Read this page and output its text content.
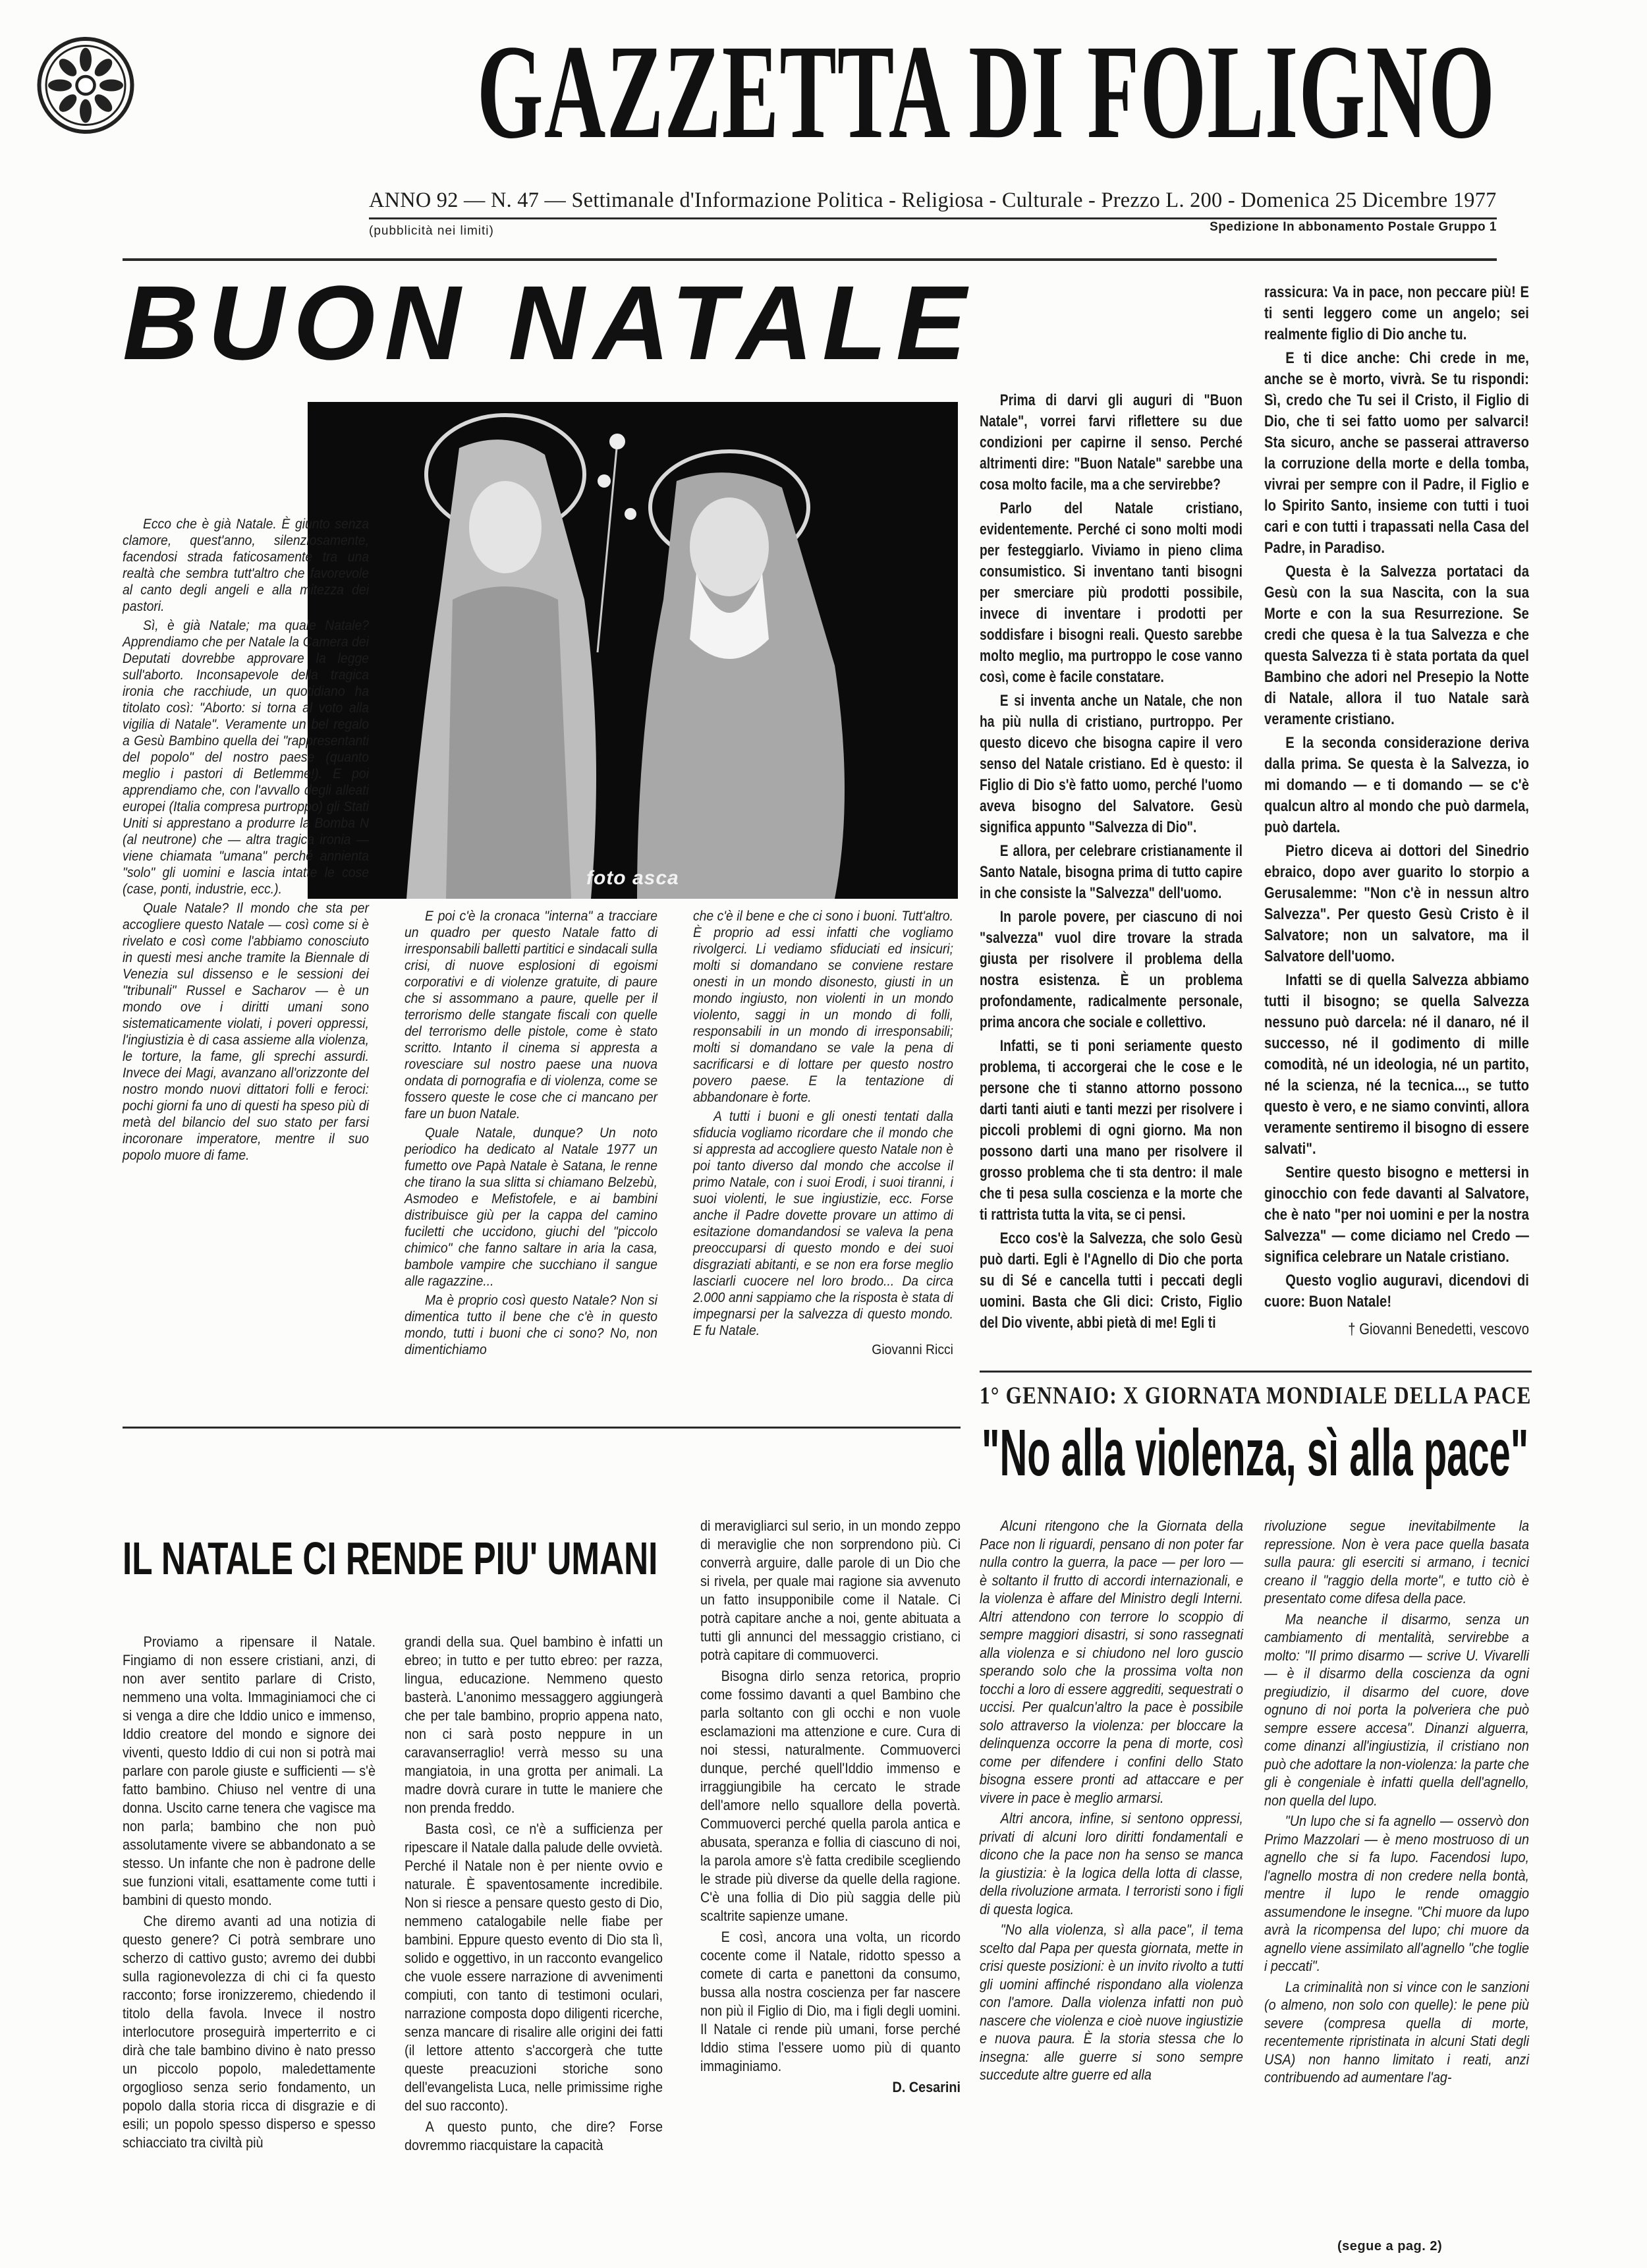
GAZZETTA DI FOLIGNO
ANNO 92 — N. 47 — Settimanale d'Informazione Politica - Religiosa - Culturale - Prezzo L. 200 - Domenica 25 Dicembre 1977
(pubblicità nei limiti)	Spedizione In abbonamento Postale Gruppo 1
BUON NATALE
foto asca

Ecco che è già Natale. È giunto senza clamore, quest'anno, silenziosamente, facendosi strada faticosamente tra una realtà che sembra tutt'altro che favorevole al canto degli angeli e alla mitezza dei pastori.

Sì, è già Natale; ma quale Natale? Apprendiamo che per Natale la Camera dei Deputati dovrebbe approvare la legge sull'aborto. Inconsapevole della tragica ironia che racchiude, un quotidiano ha titolato così: "Aborto: si torna al voto alla vigilia di Natale". Veramente un bel regalo a Gesù Bambino quella dei "rappresentanti del popolo" del nostro paese (quanto meglio i pastori di Betlemme!). E poi apprendiamo che, con l'avvallo degli alleati europei (Italia compresa purtroppo) gli Stati Uniti si apprestano a produrre la Bomba N (al neutrone) che — altra tragica ironia — viene chiamata "umana" perché annienta "solo" gli uomini e lascia intatte le cose (case, ponti, industrie, ecc.).

Quale Natale? Il mondo che sta per accogliere questo Natale — così come si è rivelato e così come l'abbiamo conosciuto in questi mesi anche tramite la Biennale di Venezia sul dissenso e le sessioni dei "tribunali" Russel e Sacharov — è un mondo ove i diritti umani sono sistematicamente violati, i poveri oppressi, l'ingiustizia è di casa assieme alla violenza, le torture, la fame, gli sprechi assurdi. Invece dei Magi, avanzano all'orizzonte del nostro mondo nuovi dittatori folli e feroci: pochi giorni fa uno di questi ha speso più di metà del bilancio del suo stato per farsi incoronare imperatore, mentre il suo popolo muore di fame.

E poi c'è la cronaca "interna" a tracciare un quadro per questo Natale fatto di irresponsabili balletti partitici e sindacali sulla crisi, di nuove esplosioni di egoismi corporativi e di violenze gratuite, di paure che si assommano a paure, quelle per il terrorismo delle stangate fiscali con quelle del terrorismo delle pistole, come è stato scritto. Intanto il cinema si appresta a rovesciare sul nostro paese una nuova ondata di pornografia e di violenza, come se fossero queste le cose che ci mancano per fare un buon Natale.

Quale Natale, dunque? Un noto periodico ha dedicato al Natale 1977 un fumetto ove Papà Natale è Satana, le renne che tirano la sua slitta si chiamano Belzebù, Asmodeo e Mefistofele, e ai bambini distribuisce giù per la cappa del camino fuciletti che uccidono, giuchi del "piccolo chimico" che fanno saltare in aria la casa, bambole vampire che succhiano il sangue alle ragazzine...

Ma è proprio così questo Natale? Non si dimentica tutto il bene che c'è in questo mondo, tutti i buoni che ci sono? No, non dimentichiamo

che c'è il bene e che ci sono i buoni. Tutt'altro. È proprio ad essi infatti che vogliamo rivolgerci. Li vediamo sfiduciati ed insicuri; molti si domandano se conviene restare onesti in un mondo disonesto, giusti in un mondo ingiusto, non violenti in un mondo violento, saggi in un mondo di folli, responsabili in un mondo di irresponsabili; molti si domandano se vale la pena di sacrificarsi e di lottare per questo nostro povero paese. E la tentazione di abbandonare è forte.

A tutti i buoni e gli onesti tentati dalla sfiducia vogliamo ricordare che il mondo che si appresta ad accogliere questo Natale non è poi tanto diverso dal mondo che accolse il primo Natale, con i suoi Erodi, i suoi tiranni, i suoi violenti, le sue ingiustizie, ecc. Forse anche il Padre dovette provare un attimo di esitazione domandandosi se valeva la pena preoccuparsi di questo mondo e dei suoi disgraziati abitanti, e se non era forse meglio lasciarli cuocere nel loro brodo... Da circa 2.000 anni sappiamo che la risposta è stata di impegnarsi per la salvezza di questo mondo. E fu Natale.

Giovanni Ricci

Prima di darvi gli auguri di "Buon Natale", vorrei farvi riflettere su due condizioni per capirne il senso. Perché altrimenti dire: "Buon Natale" sarebbe una cosa molto facile, ma a che servirebbe?

Parlo del Natale cristiano, evidentemente. Perché ci sono molti modi per festeggiarlo. Viviamo in pieno clima consumistico. Si inventano tanti bisogni per smerciare più prodotti possibile, invece di inventare i prodotti per soddisfare i bisogni reali. Questo sarebbe molto meglio, ma purtroppo le cose vanno così, come è facile constatare.

E si inventa anche un Natale, che non ha più nulla di cristiano, purtroppo. Per questo dicevo che bisogna capire il vero senso del Natale cristiano. Ed è questo: il Figlio di Dio s'è fatto uomo, perché l'uomo aveva bisogno del Salvatore. Gesù significa appunto "Salvezza di Dio".

E allora, per celebrare cristianamente il Santo Natale, bisogna prima di tutto capire in che consiste la "Salvezza" dell'uomo.

In parole povere, per ciascuno di noi "salvezza" vuol dire trovare la strada giusta per risolvere il problema della nostra esistenza. È un problema profondamente, radicalmente personale, prima ancora che sociale e collettivo.

Infatti, se ti poni seriamente questo problema, ti accorgerai che le cose e le persone che ti stanno attorno possono darti tanti aiuti e tanti mezzi per risolvere i piccoli problemi di ogni giorno. Ma non possono darti una mano per risolvere il grosso problema che ti sta dentro: il male che ti pesa sulla coscienza e la morte che ti rattrista tutta la vita, se ci pensi.

Ecco cos'è la Salvezza, che solo Gesù può darti. Egli è l'Agnello di Dio che porta su di Sé e cancella tutti i peccati degli uomini. Basta che Gli dici: Cristo, Figlio del Dio vivente, abbi pietà di me! Egli ti

rassicura: Va in pace, non peccare più! E ti senti leggero come un angelo; sei realmente figlio di Dio anche tu.

E ti dice anche: Chi crede in me, anche se è morto, vivrà. Se tu rispondi: Sì, credo che Tu sei il Cristo, il Figlio di Dio, che ti sei fatto uomo per salvarci! Sta sicuro, anche se passerai attraverso la corruzione della morte e della tomba, vivrai per sempre con il Padre, il Figlio e lo Spirito Santo, insieme con tutti i tuoi cari e con tutti i trapassati nella Casa del Padre, in Paradiso.

Questa è la Salvezza portataci da Gesù con la sua Nascita, con la sua Morte e con la sua Resurrezione. Se credi che quesa è la tua Salvezza e che questa Salvezza ti è stata portata da quel Bambino che adori nel Presepio la Notte di Natale, allora il tuo Natale sarà veramente cristiano.

E la seconda considerazione deriva dalla prima. Se questa è la Salvezza, io mi domando — e ti domando — se c'è qualcun altro al mondo che può darmela, può dartela.

Pietro diceva ai dottori del Sinedrio ebraico, dopo aver guarito lo storpio a Gerusalemme: "Non c'è in nessun altro Salvezza". Per questo Gesù Cristo è il Salvatore; non un salvatore, ma il Salvatore dell'uomo.

Infatti se di quella Salvezza abbiamo tutti il bisogno; se quella Salvezza nessuno può darcela: né il danaro, né il successo, né il godimento di mille comodità, né un ideologia, né un partito, né la scienza, né la tecnica..., se tutto questo è vero, e ne siamo convinti, allora veramente sentiremo il bisogno di essere salvati".

Sentire questo bisogno e mettersi in ginocchio con fede davanti al Salvatore, che è nato "per noi uomini e per la nostra Salvezza" — come diciamo nel Credo — significa celebrare un Natale cristiano.

Questo voglio auguravi, dicendovi di cuore: Buon Natale!

† Giovanni Benedetti, vescovo
1° GENNAIO: X GIORNATA MONDIALE DELLA PACE
"No alla violenza, sì alla pace"

Alcuni ritengono che la Giornata della Pace non li riguardi, pensano di non poter far nulla contro la guerra, la pace — per loro — è soltanto il frutto di accordi internazionali, e la violenza è affare del Ministro degli Interni. Altri attendono con terrore lo scoppio di sempre maggiori disastri, si sono rassegnati alla violenza e si chiudono nel loro guscio sperando solo che la prossima volta non tocchi a loro di essere aggrediti, sequestrati o uccisi. Per qualcun'altro la pace è possibile solo attraverso la violenza: per bloccare la delinquenza occorre la pena di morte, così come per difendere i confini dello Stato bisogna essere pronti ad attaccare e per vivere in pace è meglio armarsi.

Altri ancora, infine, si sentono oppressi, privati di alcuni loro diritti fondamentali e dicono che la pace non ha senso se manca la giustizia: è la logica della lotta di classe, della rivoluzione armata. I terroristi sono i figli di questa logica.

"No alla violenza, sì alla pace", il tema scelto dal Papa per questa giornata, mette in crisi queste posizioni: è un invito rivolto a tutti gli uomini affinché rispondano alla violenza con l'amore. Dalla violenza infatti non può nascere che violenza e cioè nuove ingiustizie e nuova paura. È la storia stessa che lo insegna: alle guerre si sono sempre succedute altre guerre ed alla

rivoluzione segue inevitabilmente la repressione. Non è vera pace quella basata sulla paura: gli eserciti si armano, i tecnici creano il "raggio della morte", e tutto ciò è presentato come difesa della pace.

Ma neanche il disarmo, senza un cambiamento di mentalità, servirebbe a molto: "Il primo disarmo — scrive U. Vivarelli — è il disarmo della coscienza da ogni pregiudizio, il disarmo del cuore, dove ognuno di noi porta la polveriera che può sempre essere accesa". Dinanzi alguerra, come dinanzi all'ingiustizia, il cristiano non può che adottare la non-violenza: la parte che gli è congeniale è infatti quella dell'agnello, non quella del lupo.

"Un lupo che si fa agnello — osservò don Primo Mazzolari — è meno mostruoso di un agnello che si fa lupo. Facendosi lupo, l'agnello mostra di non credere nella bontà, mentre il lupo le rende omaggio assumendone le insegne. "Chi muore da lupo avrà la ricompensa del lupo; chi muore da agnello viene assimilato all'agnello "che toglie i peccati".

La criminalità non si vince con le sanzioni (o almeno, non solo con quelle): le pene più severe (compresa quella di morte, recentemente ripristinata in alcuni Stati degli USA) non hanno limitato i reati, anzi contribuendo ad aumentare l'ag-

(segue a pag. 2)
IL NATALE CI RENDE PIU' UMANI

Proviamo a ripensare il Natale. Fingiamo di non essere cristiani, anzi, di non aver sentito parlare di Cristo, nemmeno una volta. Immaginiamoci che ci si venga a dire che Iddio unico e immenso, Iddio creatore del mondo e signore dei viventi, questo Iddio di cui non si potrà mai parlare con parole giuste e sufficienti — s'è fatto bambino. Chiuso nel ventre di una donna. Uscito carne tenera che vagisce ma non parla; bambino che non può assolutamente vivere se abbandonato a se stesso. Un infante che non è padrone delle sue funzioni vitali, esattamente come tutti i bambini di questo mondo.

Che diremo avanti ad una notizia di questo genere? Ci potrà sembrare uno scherzo di cattivo gusto; avremo dei dubbi sulla ragionevolezza di chi ci fa questo racconto; forse ironizzeremo, chiedendo il titolo della favola. Invece il nostro interlocutore proseguirà imperterrito e ci dirà che tale bambino divino è nato presso un piccolo popolo, maledettamente orgoglioso senza serio fondamento, un popolo dalla storia ricca di disgrazie e di esili; un popolo spesso disperso e spesso schiacciato tra civiltà più

grandi della sua. Quel bambino è infatti un ebreo; in tutto e per tutto ebreo: per razza, lingua, educazione. Nemmeno questo basterà. L'anonimo messaggero aggiungerà che per tale bambino, proprio appena nato, non ci sarà posto neppure in un caravanserraglio! verrà messo su una mangiatoia, in una grotta per animali. La madre dovrà curare in tutte le maniere che non prenda freddo.

Basta così, ce n'è a sufficienza per ripescare il Natale dalla palude delle ovvietà. Perché il Natale non è per niente ovvio e naturale. È spaventosamente incredibile. Non si riesce a pensare questo gesto di Dio, nemmeno catalogabile nelle fiabe per bambini. Eppure questo evento di Dio sta lì, solido e oggettivo, in un racconto evangelico che vuole essere narrazione di avvenimenti compiuti, con tanto di testimoni oculari, narrazione composta dopo diligenti ricerche, senza mancare di risalire alle origini dei fatti (il lettore attento s'accorgerà che tutte queste preacuzioni storiche sono dell'evangelista Luca, nelle primissime righe del suo racconto).

A questo punto, che dire? Forse dovremmo riacquistare la capacità

di meravigliarci sul serio, in un mondo zeppo di meraviglie che non sorprendono più. Ci converrà arguire, dalle parole di un Dio che si rivela, per quale mai ragione sia avvenuto un fatto insupponibile come il Natale. Ci potrà capitare anche a noi, gente abituata a tutti gli annunci del messaggio cristiano, ci potrà capitare di commuoverci.

Bisogna dirlo senza retorica, proprio come fossimo davanti a quel Bambino che parla soltanto con gli occhi e non vuole esclamazioni ma attenzione e cure. Cura di noi stessi, naturalmente. Commuoverci dunque, perché quell'Iddio immenso e irraggiungibile ha cercato le strade dell'amore nello squallore della povertà. Commuoverci perché quella parola antica e abusata, speranza e follia di ciascuno di noi, la parola amore s'è fatta credibile scegliendo le strade più diverse da quelle della ragione. C'è una follia di Dio più saggia delle più scaltrite sapienze umane.

E così, ancora una volta, un ricordo cocente come il Natale, ridotto spesso a comete di carta e panettoni da consumo, bussa alla nostra coscienza per far nascere non più il Figlio di Dio, ma i figli degli uomini. Il Natale ci rende più umani, forse perché Iddio stima l'essere uomo più di quanto immaginiamo.

D. Cesarini
